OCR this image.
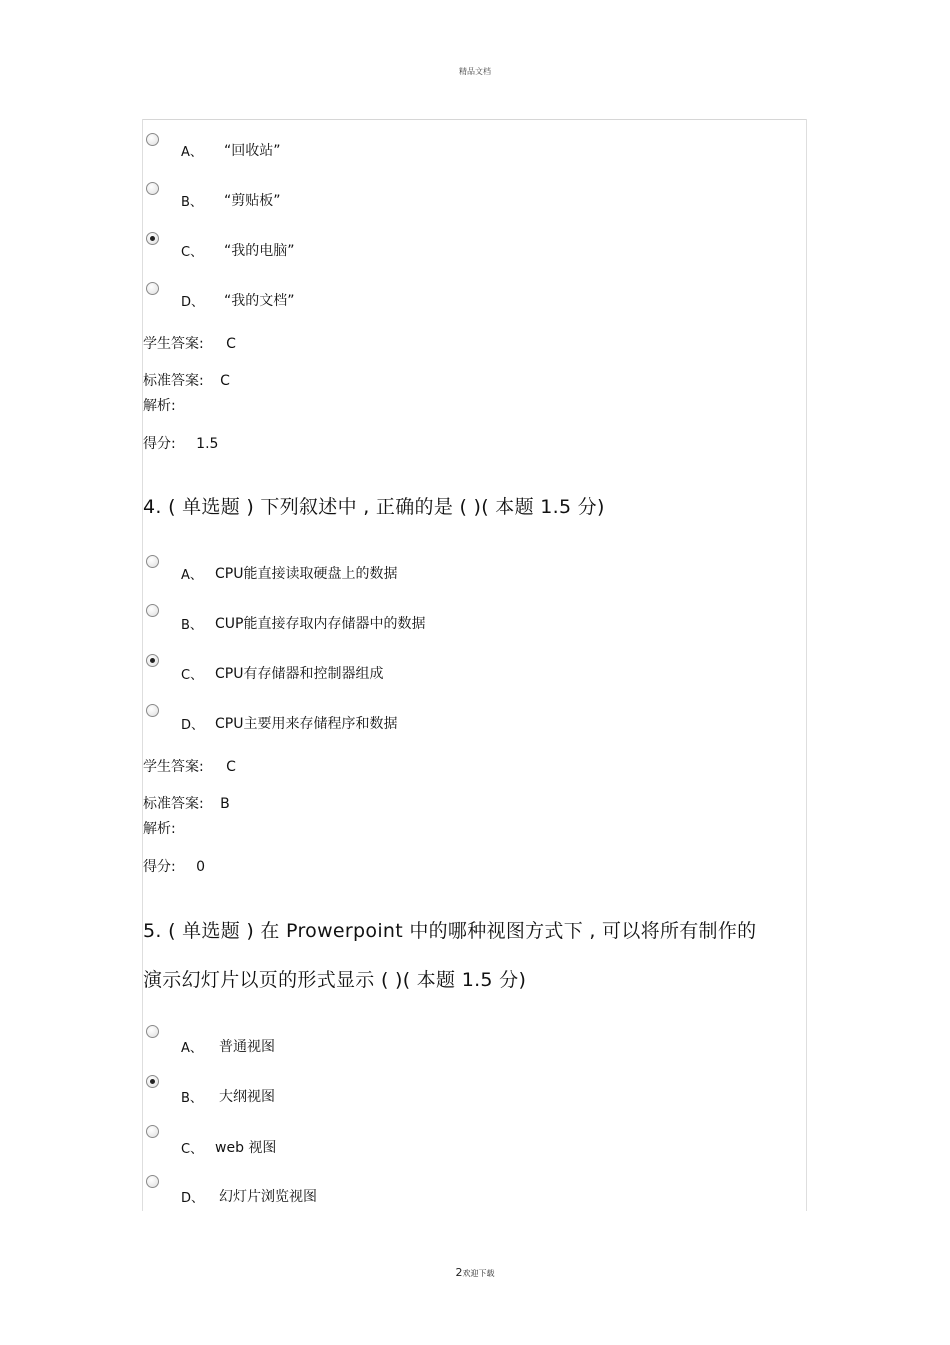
精品文档
A、 “回收站”
B、 “剪贴板”
C、 “我的电脑”
D、 “我的文档”
学生答案: C
标准答案: C
解析:
得分: 1.5
4. ( 单选题 ) 下列叙述中 , 正确的是 ( )( 本题 1.5 分)
A、 CPU能直接读取硬盘上的数据
B、 CUP能直接存取内存储器中的数据
C、 CPU有存储器和控制器组成
D、 CPU主要用来存储程序和数据
学生答案: C
标准答案: B
解析:
得分: 0
5. ( 单选题 ) 在 Prowerpoint 中的哪种视图方式下 , 可以将所有制作的
演示幻灯片以页的形式显示 ( )( 本题 1.5 分)
A、 普通视图
B、 大纲视图
C、 web 视图
D、 幻灯片浏览视图
2欢迎下载
